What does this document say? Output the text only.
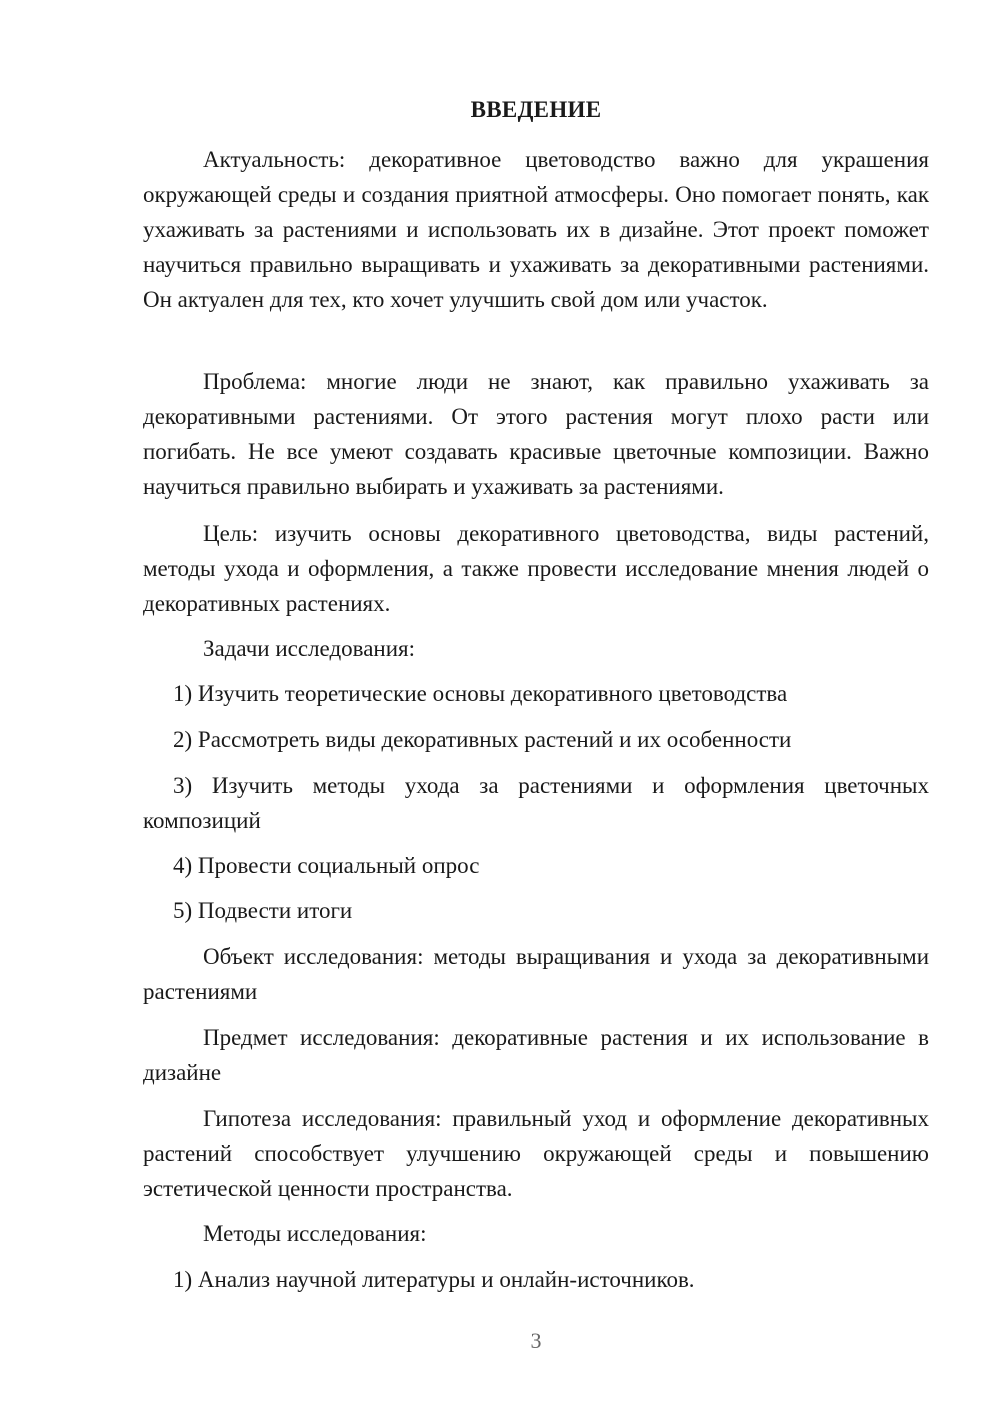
ВВЕДЕНИЕ

Актуальность: декоративное цветоводство важно для украшения окружающей среды и создания приятной атмосферы. Оно помогает понять, как ухаживать за растениями и использовать их в дизайне. Этот проект поможет научиться правильно выращивать и ухаживать за декоративными растениями. Он актуален для тех, кто хочет улучшить свой дом или участок.

Проблема: многие люди не знают, как правильно ухаживать за декоративными растениями. От этого растения могут плохо расти или погибать. Не все умеют создавать красивые цветочные композиции. Важно научиться правильно выбирать и ухаживать за растениями.

Цель: изучить основы декоративного цветоводства, виды растений, методы ухода и оформления, а также провести исследование мнения людей о декоративных растениях.

Задачи исследования:

1) Изучить теоретические основы декоративного цветоводства

2) Рассмотреть виды декоративных растений и их особенности

3) Изучить методы ухода за растениями и оформления цветочных композиций

4) Провести социальный опрос

5) Подвести итоги

Объект исследования: методы выращивания и ухода за декоративными растениями

Предмет исследования: декоративные растения и их использование в дизайне

Гипотеза исследования: правильный уход и оформление декоративных растений способствует улучшению окружающей среды и повышению эстетической ценности пространства.

Методы исследования:

1) Анализ научной литературы и онлайн-источников.

3
